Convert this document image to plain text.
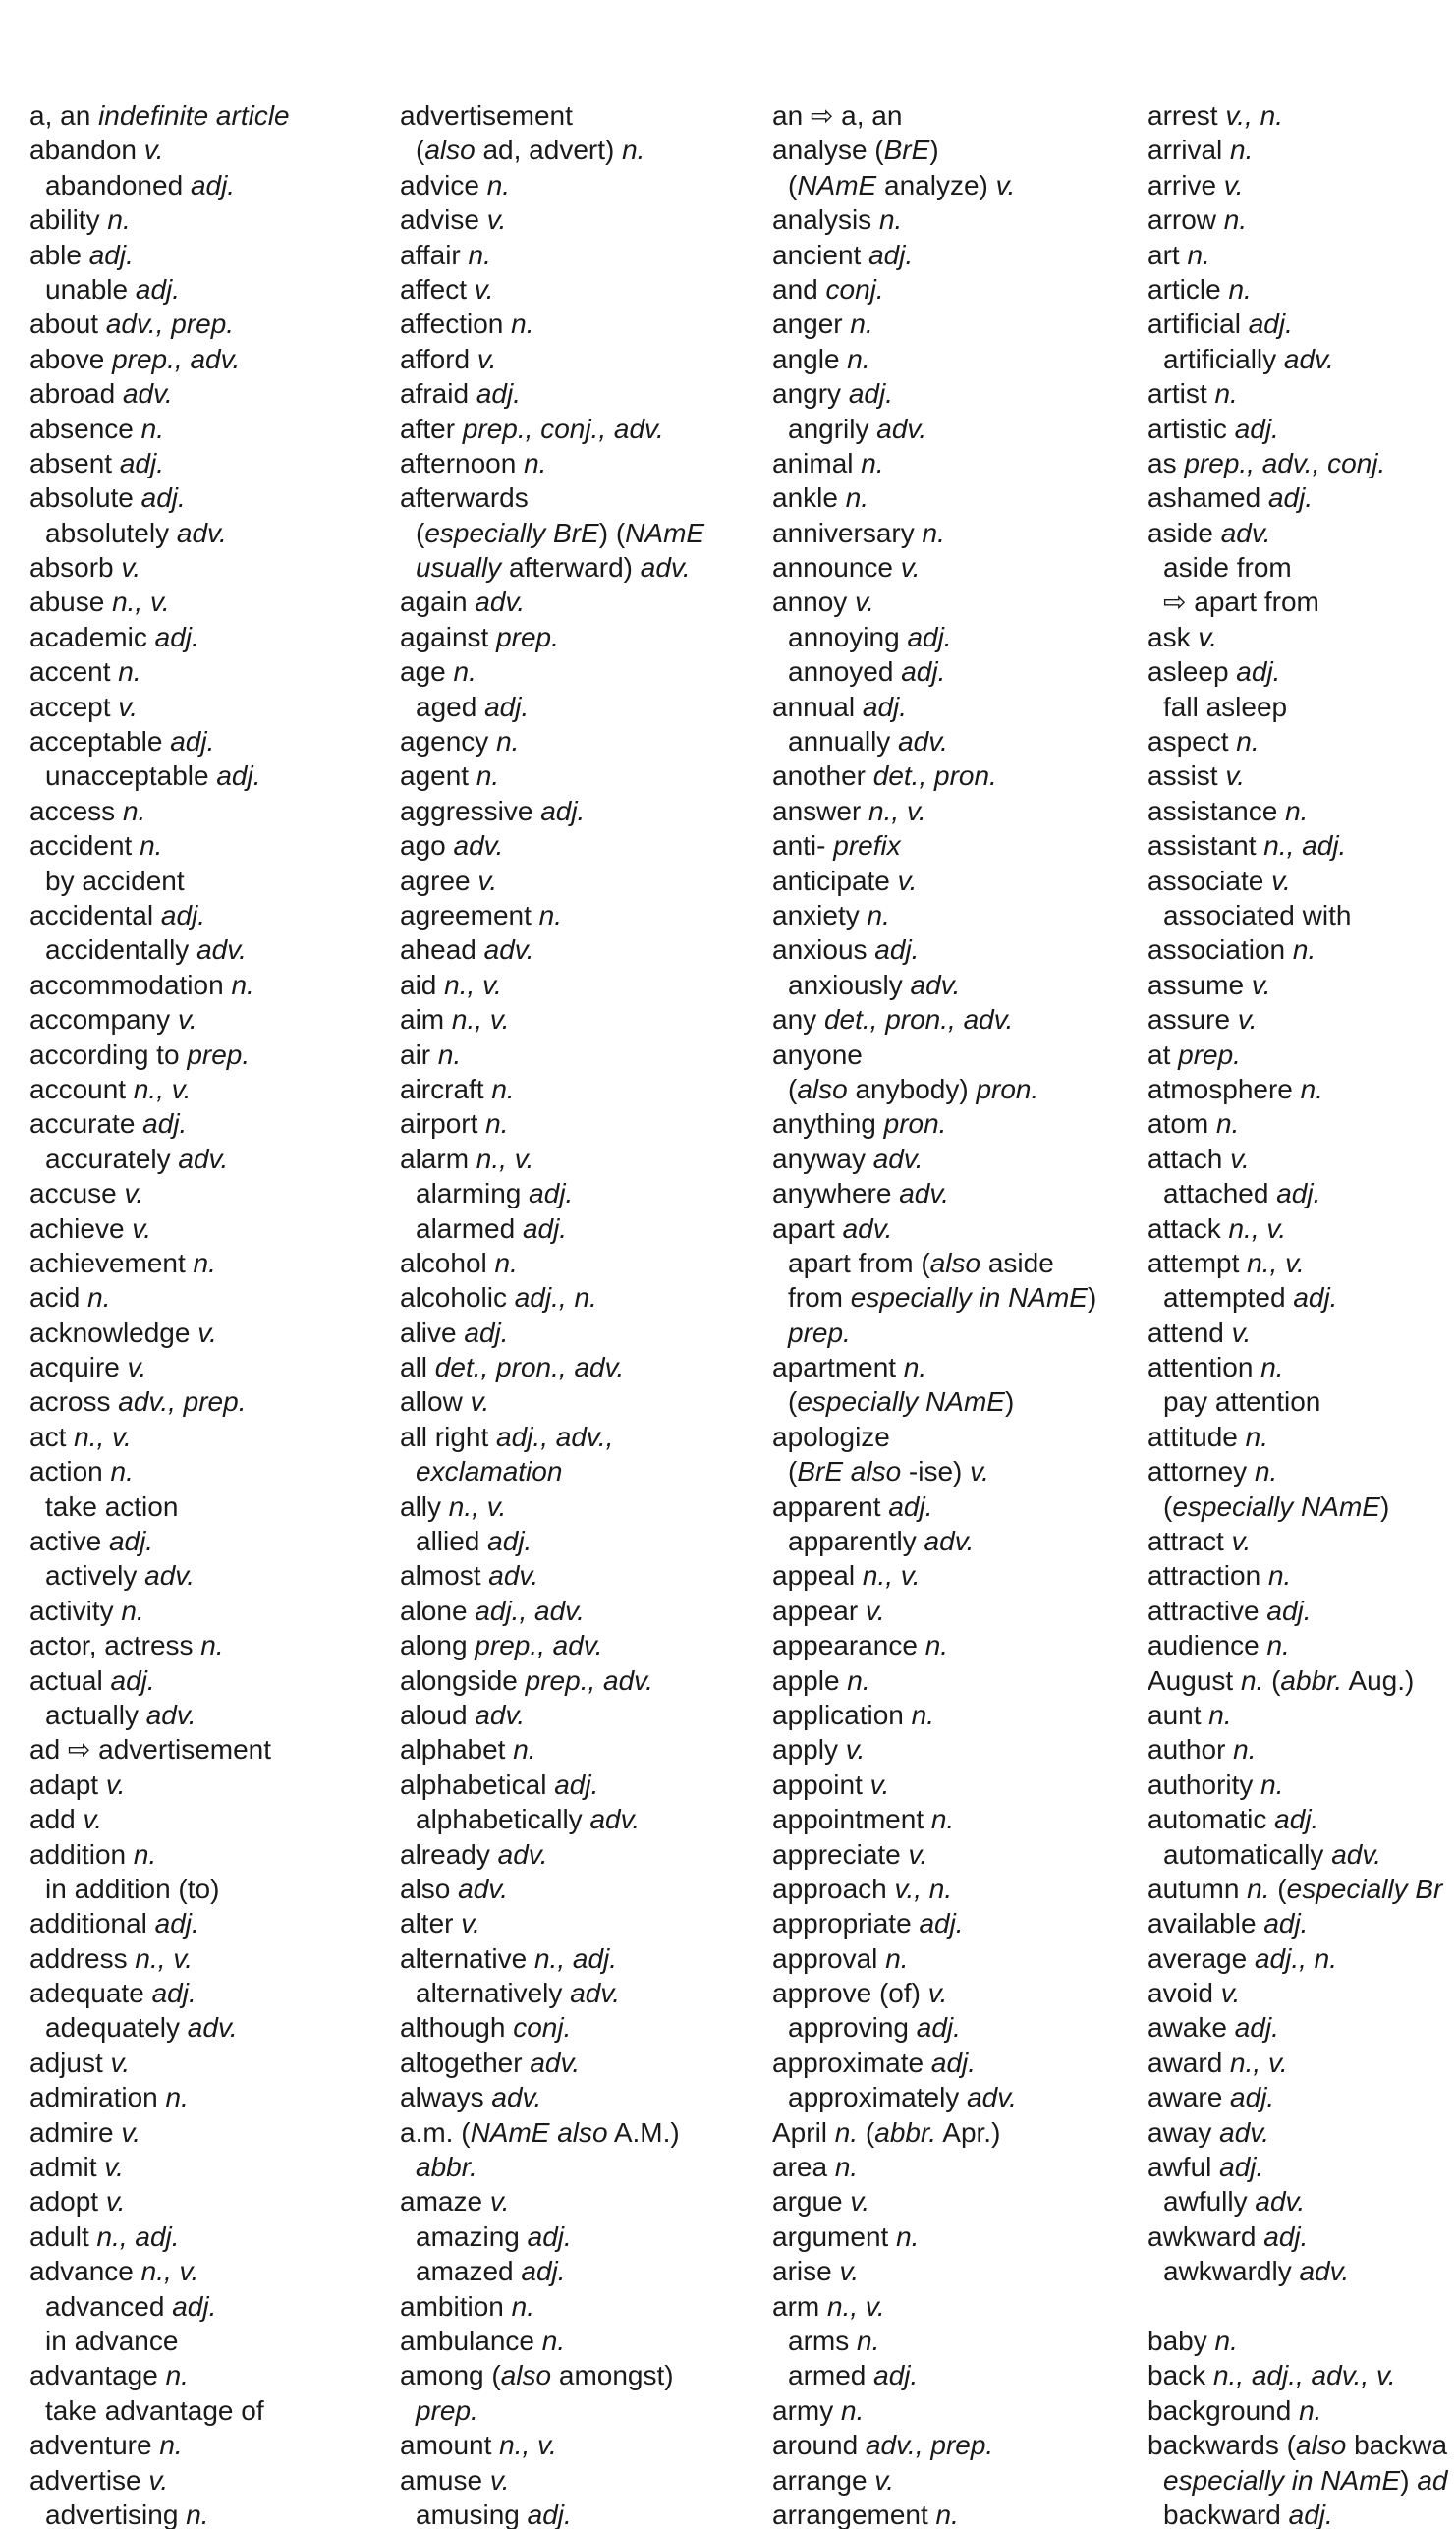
a, an indefinite article
abandon v.
abandoned adj.
ability n.
able adj.
unable adj.
about adv., prep.
above prep., adv.
abroad adv.
absence n.
absent adj.
absolute adj.
absolutely adv.
absorb v.
abuse n., v.
academic adj.
accent n.
accept v.
acceptable adj.
unacceptable adj.
access n.
accident n.
by accident
accidental adj.
accidentally adv.
accommodation n.
accompany v.
according to prep.
account n., v.
accurate adj.
accurately adv.
accuse v.
achieve v.
achievement n.
acid n.
acknowledge v.
acquire v.
across adv., prep.
act n., v.
action n.
take action
active adj.
actively adv.
activity n.
actor, actress n.
actual adj.
actually adv.
ad ⇨ advertisement
adapt v.
add v.
addition n.
in addition (to)
additional adj.
address n., v.
adequate adj.
adequately adv.
adjust v.
admiration n.
admire v.
admit v.
adopt v.
adult n., adj.
advance n., v.
advanced adj.
in advance
advantage n.
take advantage of
adventure n.
advertise v.
advertising n.
advertisement
(also ad, advert) n.
advice n.
advise v.
affair n.
affect v.
affection n.
afford v.
afraid adj.
after prep., conj., adv.
afternoon n.
afterwards
(especially BrE) (NAmE
usually afterward) adv.
again adv.
against prep.
age n.
aged adj.
agency n.
agent n.
aggressive adj.
ago adv.
agree v.
agreement n.
ahead adv.
aid n., v.
aim n., v.
air n.
aircraft n.
airport n.
alarm n., v.
alarming adj.
alarmed adj.
alcohol n.
alcoholic adj., n.
alive adj.
all det., pron., adv.
allow v.
all right adj., adv.,
exclamation
ally n., v.
allied adj.
almost adv.
alone adj., adv.
along prep., adv.
alongside prep., adv.
aloud adv.
alphabet n.
alphabetical adj.
alphabetically adv.
already adv.
also adv.
alter v.
alternative n., adj.
alternatively adv.
although conj.
altogether adv.
always adv.
a.m. (NAmE also A.M.)
abbr.
amaze v.
amazing adj.
amazed adj.
ambition n.
ambulance n.
among (also amongst)
prep.
amount n., v.
amuse v.
amusing adj.
an ⇨ a, an
analyse (BrE)
(NAmE analyze) v.
analysis n.
ancient adj.
and conj.
anger n.
angle n.
angry adj.
angrily adv.
animal n.
ankle n.
anniversary n.
announce v.
annoy v.
annoying adj.
annoyed adj.
annual adj.
annually adv.
another det., pron.
answer n., v.
anti- prefix
anticipate v.
anxiety n.
anxious adj.
anxiously adv.
any det., pron., adv.
anyone
(also anybody) pron.
anything pron.
anyway adv.
anywhere adv.
apart adv.
apart from (also aside
from especially in NAmE)
prep.
apartment n.
(especially NAmE)
apologize
(BrE also -ise) v.
apparent adj.
apparently adv.
appeal n., v.
appear v.
appearance n.
apple n.
application n.
apply v.
appoint v.
appointment n.
appreciate v.
approach v., n.
appropriate adj.
approval n.
approve (of) v.
approving adj.
approximate adj.
approximately adv.
April n. (abbr. Apr.)
area n.
argue v.
argument n.
arise v.
arm n., v.
arms n.
armed adj.
army n.
around adv., prep.
arrange v.
arrangement n.
arrest v., n.
arrival n.
arrive v.
arrow n.
art n.
article n.
artificial adj.
artificially adv.
artist n.
artistic adj.
as prep., adv., conj.
ashamed adj.
aside adv.
aside from
⇨ apart from
ask v.
asleep adj.
fall asleep
aspect n.
assist v.
assistance n.
assistant n., adj.
associate v.
associated with
association n.
assume v.
assure v.
at prep.
atmosphere n.
atom n.
attach v.
attached adj.
attack n., v.
attempt n., v.
attempted adj.
attend v.
attention n.
pay attention
attitude n.
attorney n.
(especially NAmE)
attract v.
attraction n.
attractive adj.
audience n.
August n. (abbr. Aug.)
aunt n.
author n.
authority n.
automatic adj.
automatically adv.
autumn n. (especially Br
available adj.
average adj., n.
avoid v.
awake adj.
award n., v.
aware adj.
away adv.
awful adj.
awfully adv.
awkward adj.
awkwardly adv.
baby n.
back n., adj., adv., v.
background n.
backwards (also backwa
especially in NAmE) ad
backward adj.
